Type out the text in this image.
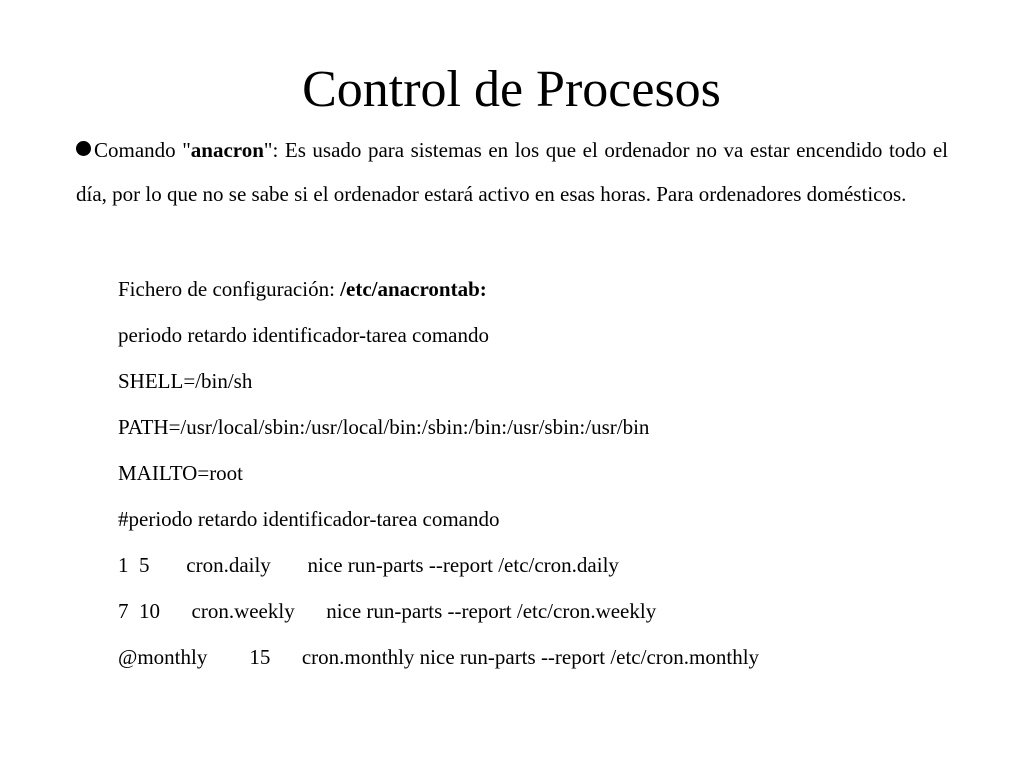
Control de Procesos

Comando "anacron": Es usado para sistemas en los que el ordenador no va estar encendido todo el día, por lo que no se sabe si el ordenador estará activo en esas horas. Para ordenadores domésticos.

Fichero de configuración: /etc/anacrontab:
periodo retardo identificador-tarea comando
SHELL=/bin/sh
PATH=/usr/local/sbin:/usr/local/bin:/sbin:/bin:/usr/sbin:/usr/bin
MAILTO=root
#periodo retardo identificador-tarea comando
1  5       cron.daily       nice run-parts --report /etc/cron.daily
7  10      cron.weekly      nice run-parts --report /etc/cron.weekly
@monthly        15      cron.monthly nice run-parts --report /etc/cron.monthly
